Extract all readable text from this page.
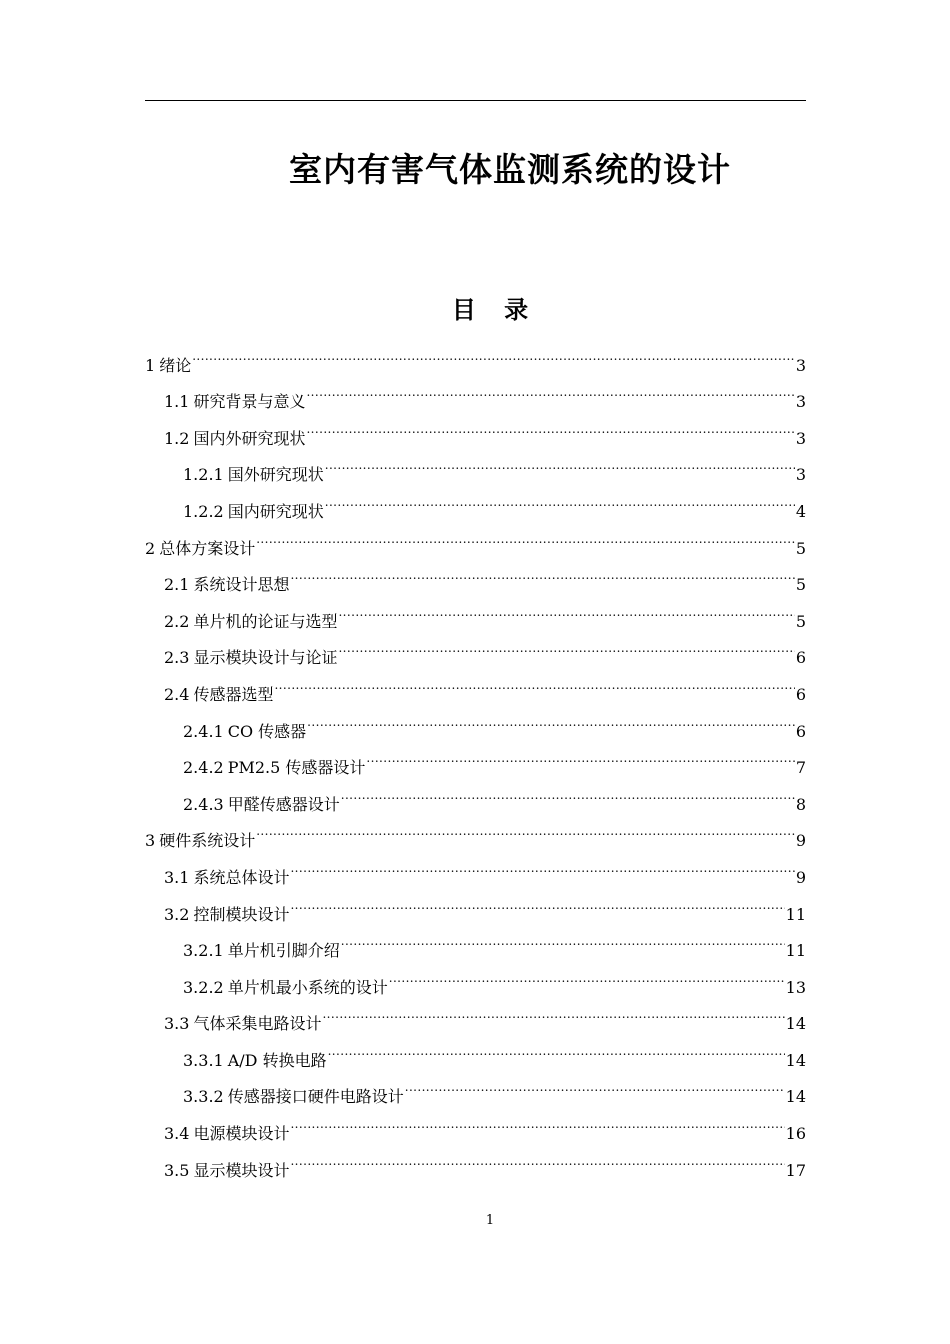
室内有害气体监测系统的设计
目 录
1 绪论 .....	3
1.1 研究背景与意义 .....	3
1.2 国内外研究现状 .....	3
1.2.1 国外研究现状 .....	3
1.2.2 国内研究现状 .....	4
2 总体方案设计 .....	5
2.1 系统设计思想 .....	5
2.2 单片机的论证与选型 .....	5
2.3 显示模块设计与论证 .....	6
2.4 传感器选型 .....	6
2.4.1 CO 传感器 .....	6
2.4.2 PM2.5 传感器设计 .....	7
2.4.3 甲醛传感器设计 .....	8
3 硬件系统设计 .....	9
3.1 系统总体设计 .....	9
3.2 控制模块设计 .....	11
3.2.1 单片机引脚介绍 .....	11
3.2.2 单片机最小系统的设计 .....	13
3.3 气体采集电路设计 .....	14
3.3.1 A/D 转换电路 .....	14
3.3.2 传感器接口硬件电路设计 .....	14
3.4 电源模块设计 .....	16
3.5 显示模块设计 .....	17
1
